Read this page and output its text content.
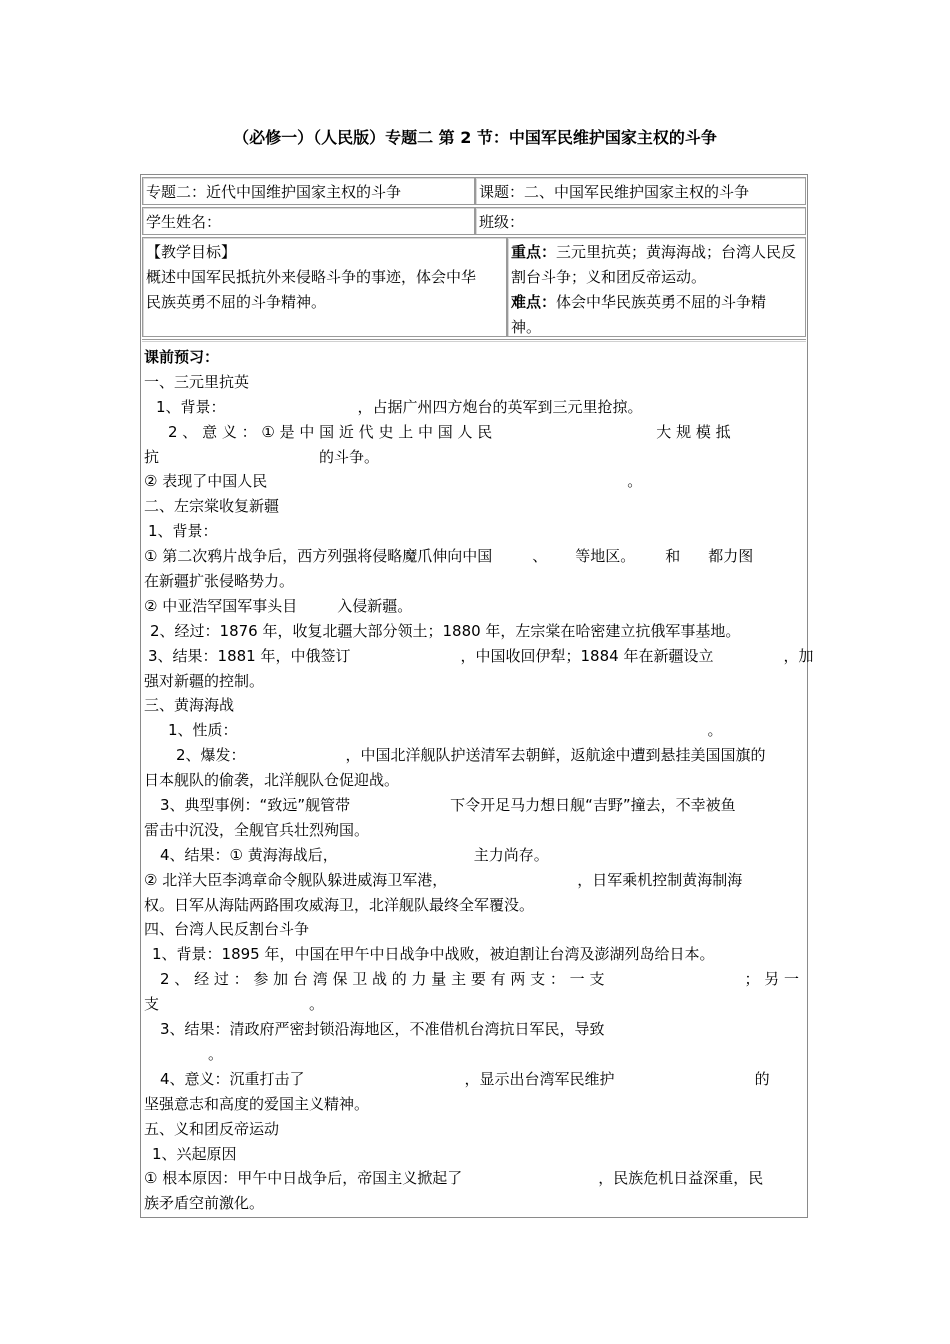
（必修一）（人民版）专题二 第 2 节：中国军民维护国家主权的斗争
专题二：近代中国维护国家主权的斗争	课题：二、中国军民维护国家主权的斗争
学生姓名：	班级：
【教学目标】
概述中国军民抵抗外来侵略斗争的事迹，体会中华
民族英勇不屈的斗争精神。
重点：三元里抗英；黄海海战；台湾人民反
割台斗争；义和团反帝运动。
难点：体会中华民族英勇不屈的斗争精
神。
课前预习：
一、三元里抗英
1、背景：	，占据广州四方炮台的英军到三元里抢掠。
2 、 意 义 ： ① 是 中 国 近 代 史 上 中 国 人 民	大 规 模 抵
抗	的斗争。
② 表现了中国人民	。
二、左宗棠收复新疆
1、背景：
① 第二次鸦片战争后，西方列强将侵略魔爪伸向中国	、 等地区。 和 都力图
在新疆扩张侵略势力。
② 中亚浩罕国军事头目	入侵新疆。
2、经过：1876 年，收复北疆大部分领土；1880 年，左宗棠在哈密建立抗俄军事基地。
3、结果：1881 年，中俄签订	，中国收回伊犁；1884 年在新疆设立	，加
强对新疆的控制。
三、黄海海战
1、性质：	。
2、爆发：	，中国北洋舰队护送清军去朝鲜，返航途中遭到悬挂美国国旗的
日本舰队的偷袭，北洋舰队仓促迎战。
3、典型事例：“致远”舰管带	下令开足马力想日舰“吉野”撞去，不幸被鱼
雷击中沉没，全舰官兵壮烈殉国。
4、结果：① 黄海海战后，	主力尚存。
② 北洋大臣李鸿章命令舰队躲进威海卫军港，	，日军乘机控制黄海制海
权。日军从海陆两路围攻威海卫，北洋舰队最终全军覆没。
四、台湾人民反割台斗争
1、背景：1895 年，中国在甲午中日战争中战败，被迫割让台湾及澎湖列岛给日本。
2 、 经 过 ： 参 加 台 湾 保 卫 战 的 力 量 主 要 有 两 支 ： 一 支	； 另 一
支	。
3、结果：清政府严密封锁沿海地区，不准借机台湾抗日军民，导致
。
4、意义：沉重打击了	，显示出台湾军民维护	的
坚强意志和高度的爱国主义精神。
五、义和团反帝运动
1、兴起原因
① 根本原因：甲午中日战争后，帝国主义掀起了	，民族危机日益深重，民
族矛盾空前激化。
